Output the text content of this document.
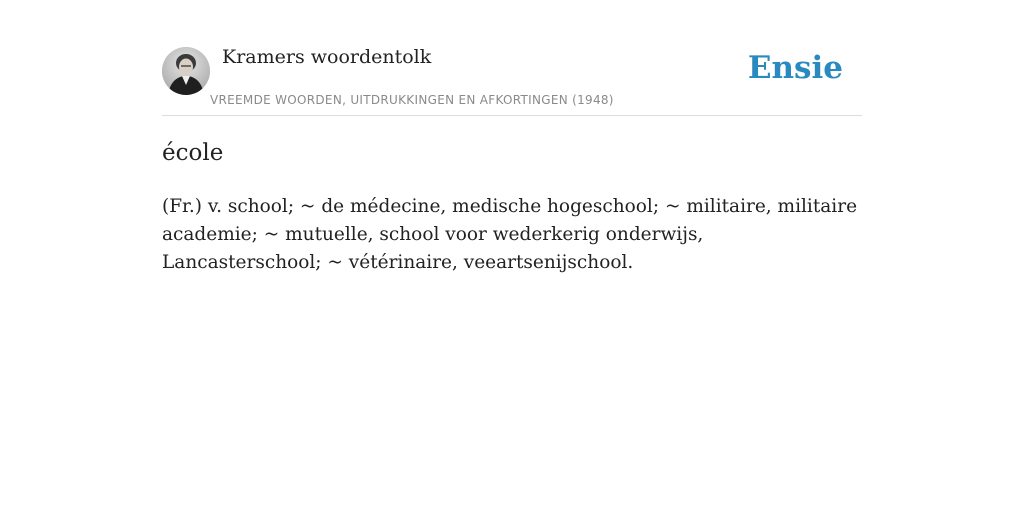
Kramers woordentolk
VREEMDE WOORDEN, UITDRUKKINGEN EN AFKORTINGEN (1948)
Ensie
école

(Fr.) v. school; ~ de médecine, medische hogeschool; ~ militaire, militaire academie; ~ mutuelle, school voor wederkerig onderwijs, Lancasterschool; ~ vétérinaire, veeartsenijschool.
